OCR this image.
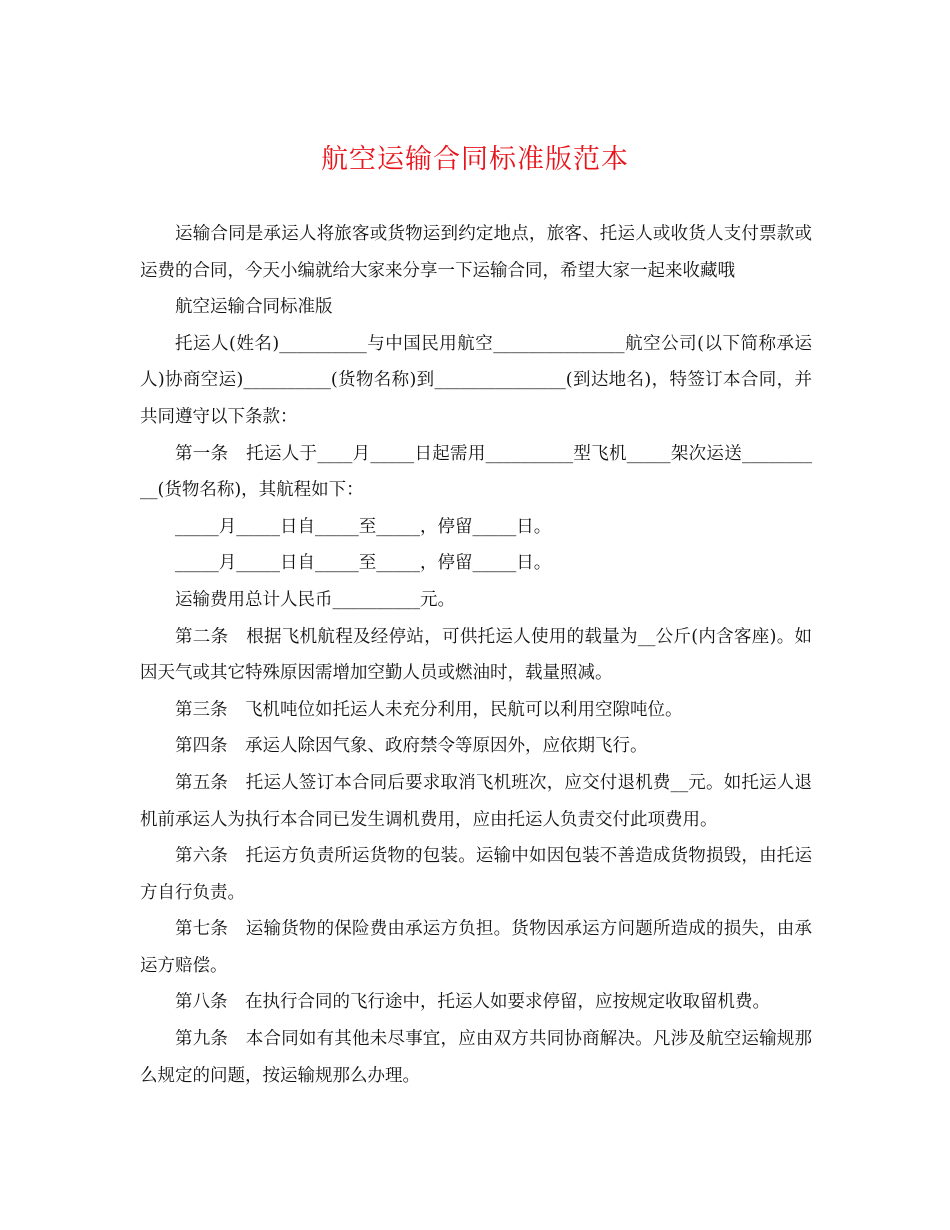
航空运输合同标准版范本

运输合同是承运人将旅客或货物运到约定地点，旅客、托运人或收货人支付票款或运费的合同，今天小编就给大家来分享一下运输合同，希望大家一起来收藏哦

航空运输合同标准版

托运人(姓名)__________与中国民用航空_______________航空公司(以下简称承运人)协商空运)__________(货物名称)到_______________(到达地名)，特签订本合同，并共同遵守以下条款：

第一条　托运人于____月_____日起需用__________型飞机_____架次运送__________(货物名称)，其航程如下：

_____月_____日自_____至_____，停留_____日。

_____月_____日自_____至_____，停留_____日。

运输费用总计人民币__________元。

第二条　根据飞机航程及经停站，可供托运人使用的载量为__公斤(内含客座)。如因天气或其它特殊原因需增加空勤人员或燃油时，载量照减。

第三条　飞机吨位如托运人未充分利用，民航可以利用空隙吨位。

第四条　承运人除因气象、政府禁令等原因外，应依期飞行。

第五条　托运人签订本合同后要求取消飞机班次，应交付退机费__元。如托运人退机前承运人为执行本合同已发生调机费用，应由托运人负责交付此项费用。

第六条　托运方负责所运货物的包装。运输中如因包装不善造成货物损毁，由托运方自行负责。

第七条　运输货物的保险费由承运方负担。货物因承运方问题所造成的损失，由承运方赔偿。

第八条　在执行合同的飞行途中，托运人如要求停留，应按规定收取留机费。

第九条　本合同如有其他未尽事宜，应由双方共同协商解决。凡涉及航空运输规那么规定的问题，按运输规那么办理。
